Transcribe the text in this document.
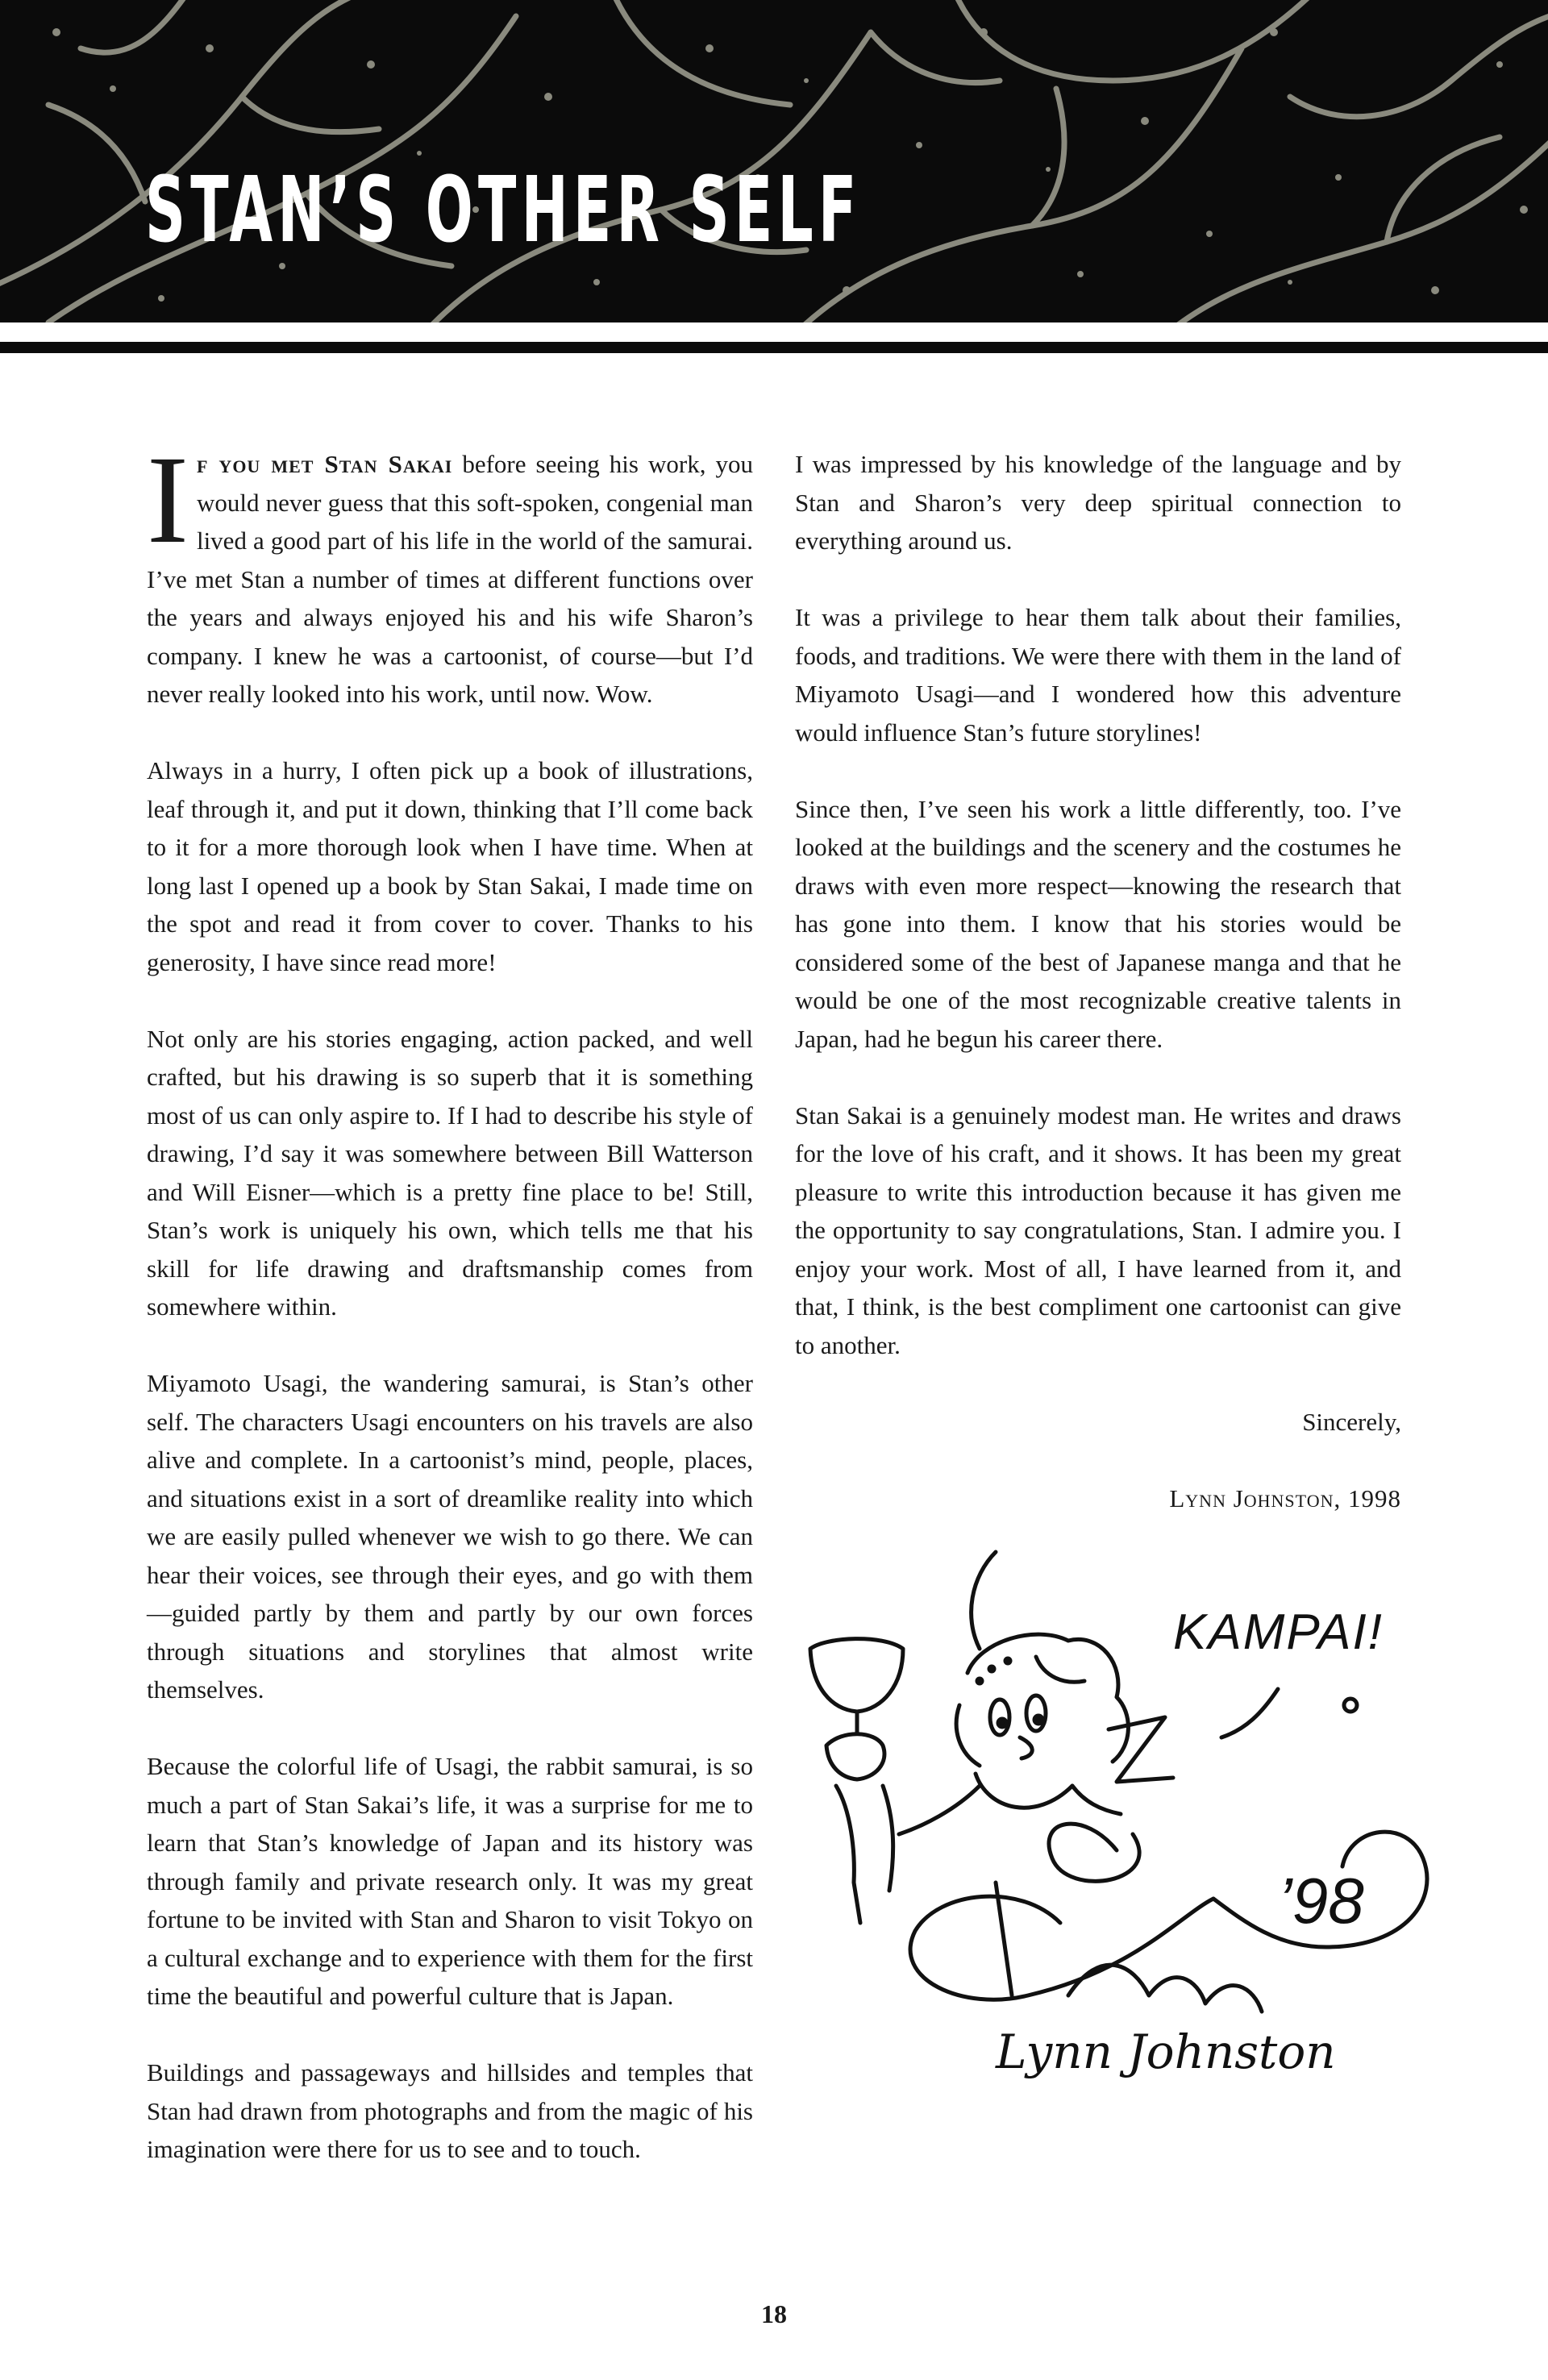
STAN’S OTHER SELF

If you met Stan Sakai before seeing his work, you would never guess that this soft-spoken, congenial man lived a good part of his life in the world of the samurai. I’ve met Stan a number of times at different functions over the years and always enjoyed his and his wife Sharon’s company. I knew he was a cartoonist, of course—but I’d never really looked into his work, until now. Wow.

Always in a hurry, I often pick up a book of illustrations, leaf through it, and put it down, thinking that I’ll come back to it for a more thorough look when I have time. When at long last I opened up a book by Stan Sakai, I made time on the spot and read it from cover to cover. Thanks to his generosity, I have since read more!

Not only are his stories engaging, action packed, and well crafted, but his drawing is so superb that it is something most of us can only aspire to. If I had to describe his style of drawing, I’d say it was somewhere between Bill Watterson and Will Eisner—which is a pretty fine place to be! Still, Stan’s work is uniquely his own, which tells me that his skill for life drawing and draftsmanship comes from somewhere within.

Miyamoto Usagi, the wandering samurai, is Stan’s other self. The characters Usagi encounters on his travels are also alive and complete. In a cartoonist’s mind, people, places, and situations exist in a sort of dreamlike reality into which we are easily pulled whenever we wish to go there. We can hear their voices, see through their eyes, and go with them—guided partly by them and partly by our own forces through situations and storylines that almost write themselves.

Because the colorful life of Usagi, the rabbit samurai, is so much a part of Stan Sakai’s life, it was a surprise for me to learn that Stan’s knowledge of Japan and its history was through family and private research only. It was my great fortune to be invited with Stan and Sharon to visit Tokyo on a cultural exchange and to experience with them for the first time the beautiful and powerful culture that is Japan.

Buildings and passageways and hillsides and temples that Stan had drawn from photographs and from the magic of his imagination were there for us to see and to touch.

I was impressed by his knowledge of the language and by Stan and Sharon’s very deep spiritual connection to everything around us.

It was a privilege to hear them talk about their families, foods, and traditions. We were there with them in the land of Miyamoto Usagi—and I wondered how this adventure would influence Stan’s future storylines!

Since then, I’ve seen his work a little differently, too. I’ve looked at the buildings and the scenery and the costumes he draws with even more respect—knowing the research that has gone into them. I know that his stories would be considered some of the best of Japanese manga and that he would be one of the most recognizable creative talents in Japan, had he begun his career there.

Stan Sakai is a genuinely modest man. He writes and draws for the love of his craft, and it shows. It has been my great pleasure to write this introduction because it has given me the opportunity to say congratulations, Stan. I admire you. I enjoy your work. Most of all, I have learned from it, and that, I think, is the best compliment one cartoonist can give to another.

Sincerely,

Lynn Johnston, 1998

KAMPAI!
’98
Lynn Johnston
18
